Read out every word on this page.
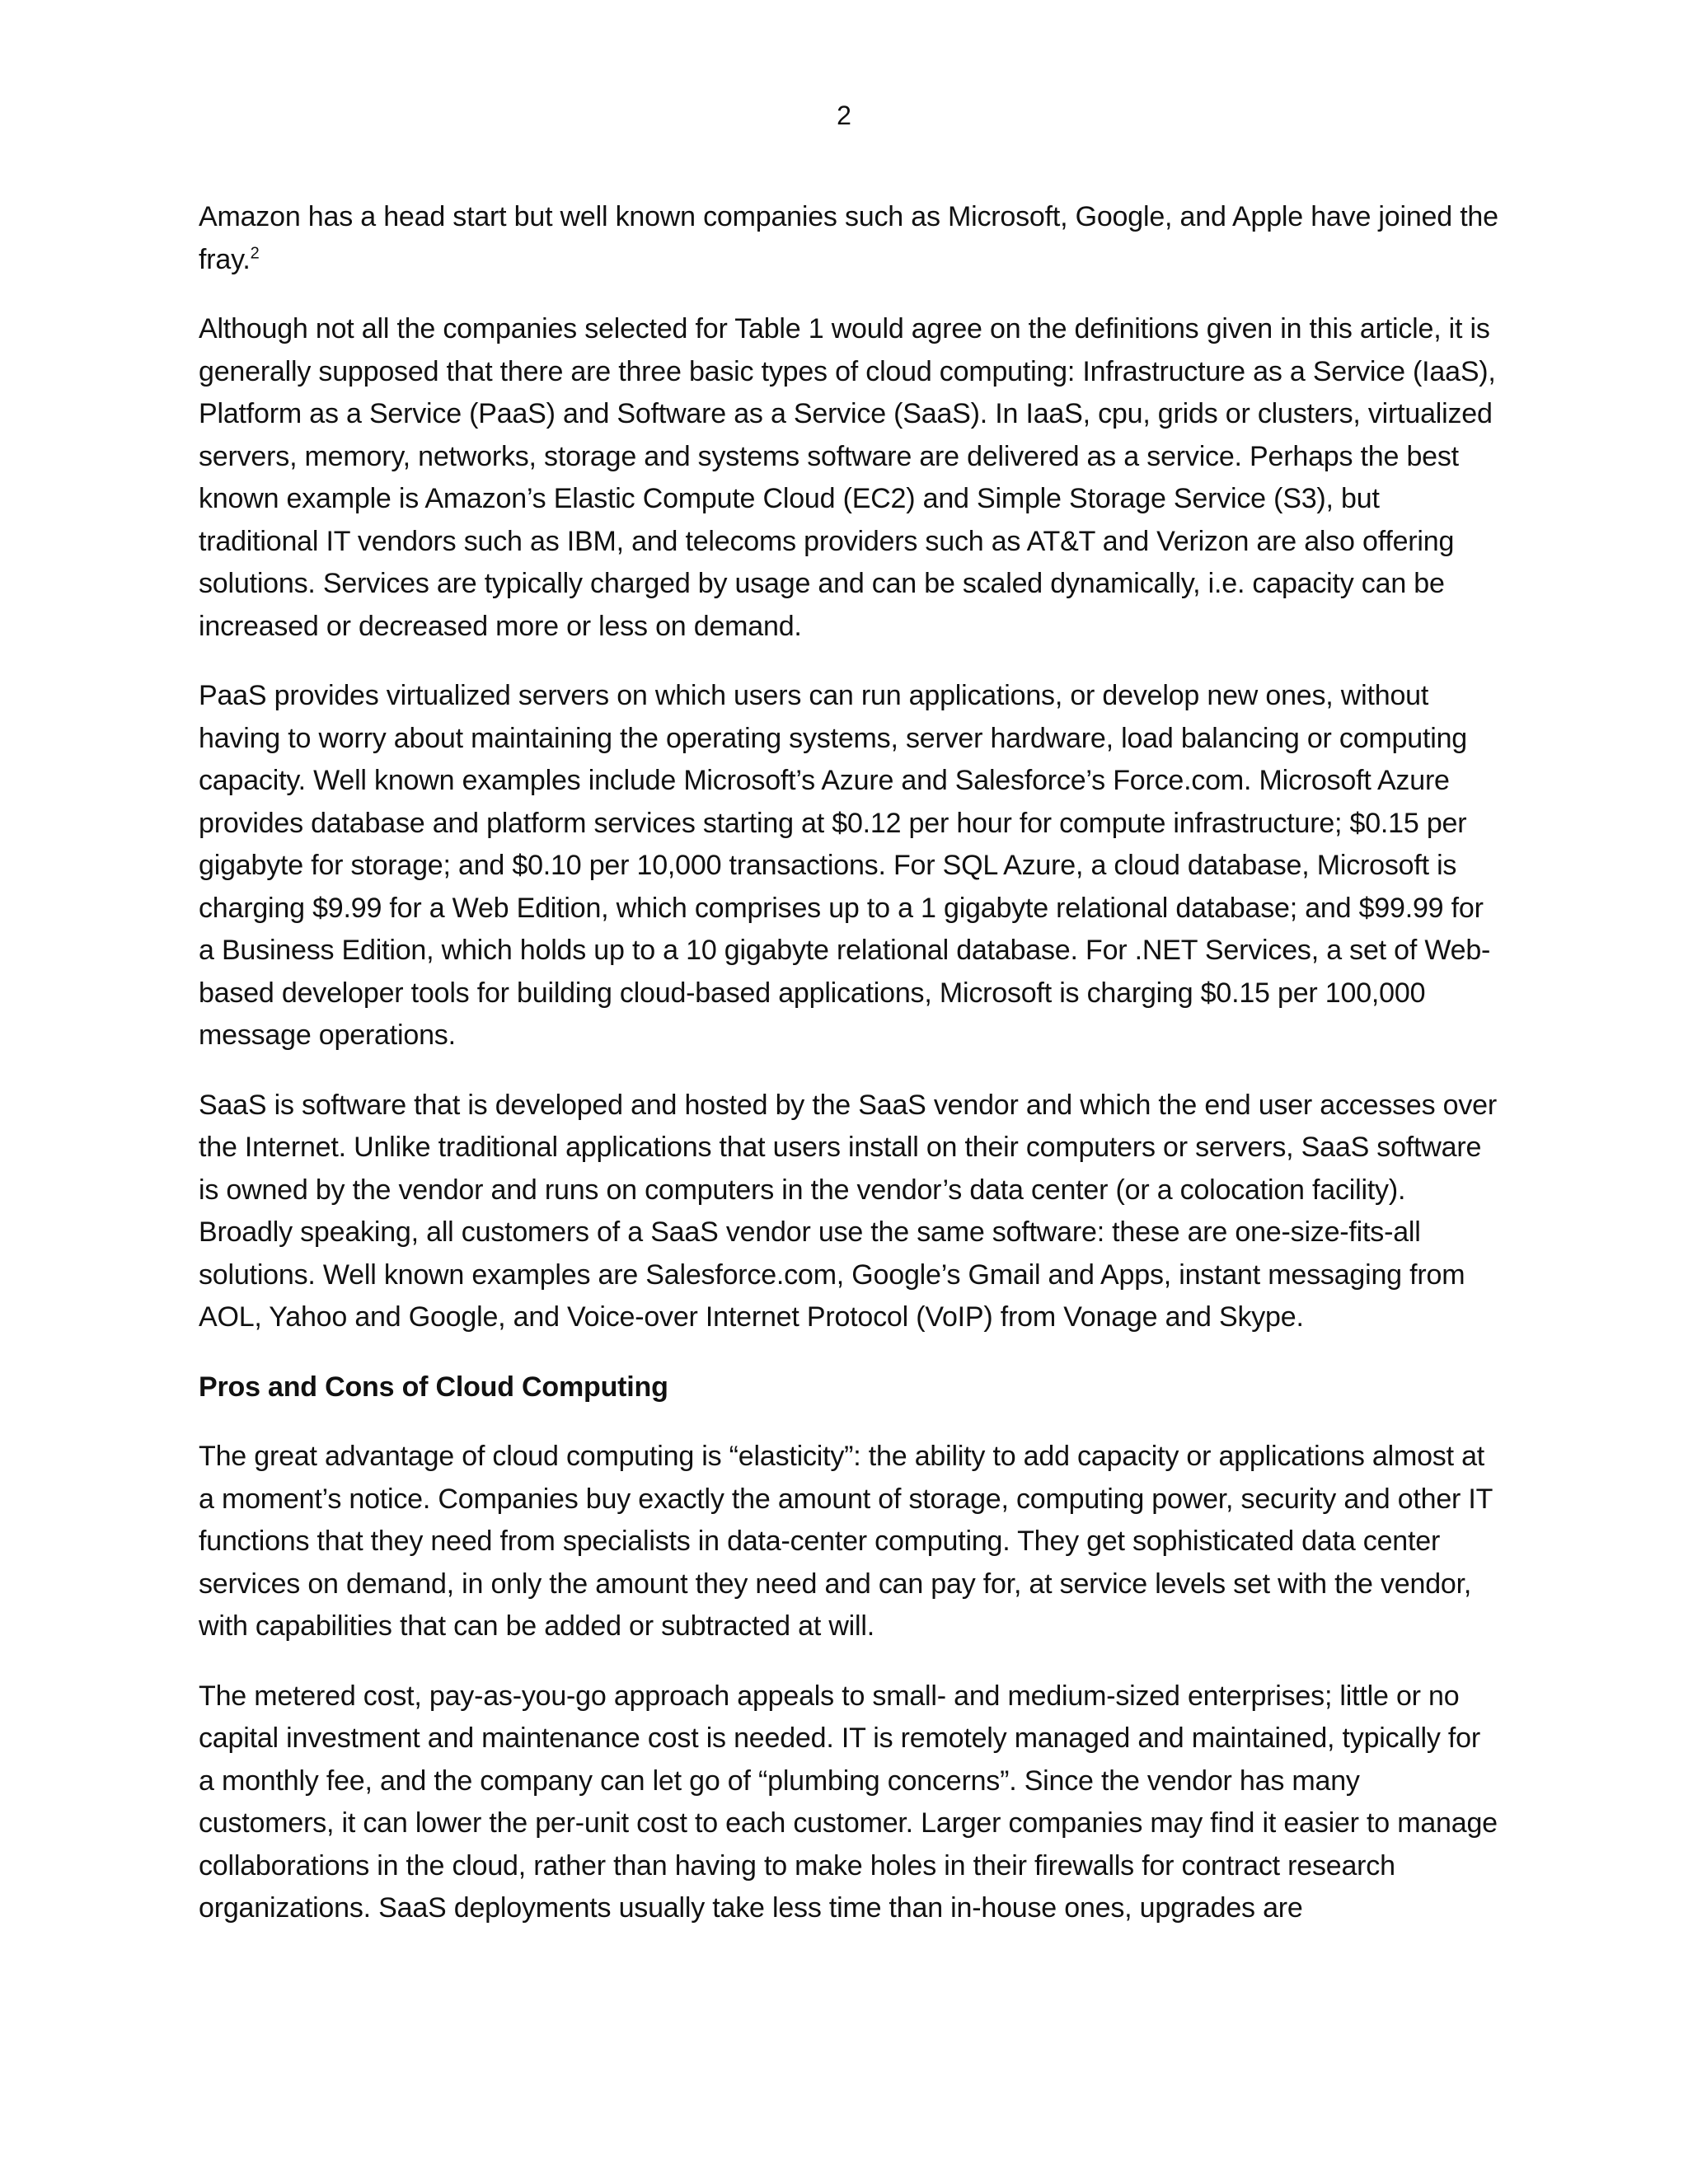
2

Amazon has a head start but well known companies such as Microsoft, Google, and Apple have joined the fray.$^2$

Although not all the companies selected for Table 1 would agree on the definitions given in this article, it is generally supposed that there are three basic types of cloud computing: Infrastructure as a Service (IaaS), Platform as a Service (PaaS) and Software as a Service (SaaS). In IaaS, cpu, grids or clusters, virtualized servers, memory, networks, storage and systems software are delivered as a service. Perhaps the best known example is Amazon’s Elastic Compute Cloud (EC2) and Simple Storage Service (S3), but traditional IT vendors such as IBM, and telecoms providers such as AT&T and Verizon are also offering solutions. Services are typically charged by usage and can be scaled dynamically, i.e. capacity can be increased or decreased more or less on demand.

PaaS provides virtualized servers on which users can run applications, or develop new ones, without having to worry about maintaining the operating systems, server hardware, load balancing or computing capacity. Well known examples include Microsoft’s Azure and Salesforce’s Force.com. Microsoft Azure provides database and platform services starting at $0.12 per hour for compute infrastructure; $0.15 per gigabyte for storage; and $0.10 per 10,000 transactions. For SQL Azure, a cloud database, Microsoft is charging $9.99 for a Web Edition, which comprises up to a 1 gigabyte relational database; and $99.99 for a Business Edition, which holds up to a 10 gigabyte relational database. For .NET Services, a set of Web-based developer tools for building cloud-based applications, Microsoft is charging $0.15 per 100,000 message operations.

SaaS is software that is developed and hosted by the SaaS vendor and which the end user accesses over the Internet. Unlike traditional applications that users install on their computers or servers, SaaS software is owned by the vendor and runs on computers in the vendor’s data center (or a colocation facility). Broadly speaking, all customers of a SaaS vendor use the same software: these are one-size-fits-all solutions. Well known examples are Salesforce.com, Google’s Gmail and Apps, instant messaging from AOL, Yahoo and Google, and Voice-over Internet Protocol (VoIP) from Vonage and Skype.

Pros and Cons of Cloud Computing

The great advantage of cloud computing is “elasticity”: the ability to add capacity or applications almost at a moment’s notice. Companies buy exactly the amount of storage, computing power, security and other IT functions that they need from specialists in data-center computing. They get sophisticated data center services on demand, in only the amount they need and can pay for, at service levels set with the vendor, with capabilities that can be added or subtracted at will.

The metered cost, pay-as-you-go approach appeals to small- and medium-sized enterprises; little or no capital investment and maintenance cost is needed. IT is remotely managed and maintained, typically for a monthly fee, and the company can let go of “plumbing concerns”. Since the vendor has many customers, it can lower the per-unit cost to each customer. Larger companies may find it easier to manage collaborations in the cloud, rather than having to make holes in their firewalls for contract research organizations. SaaS deployments usually take less time than in-house ones, upgrades are
